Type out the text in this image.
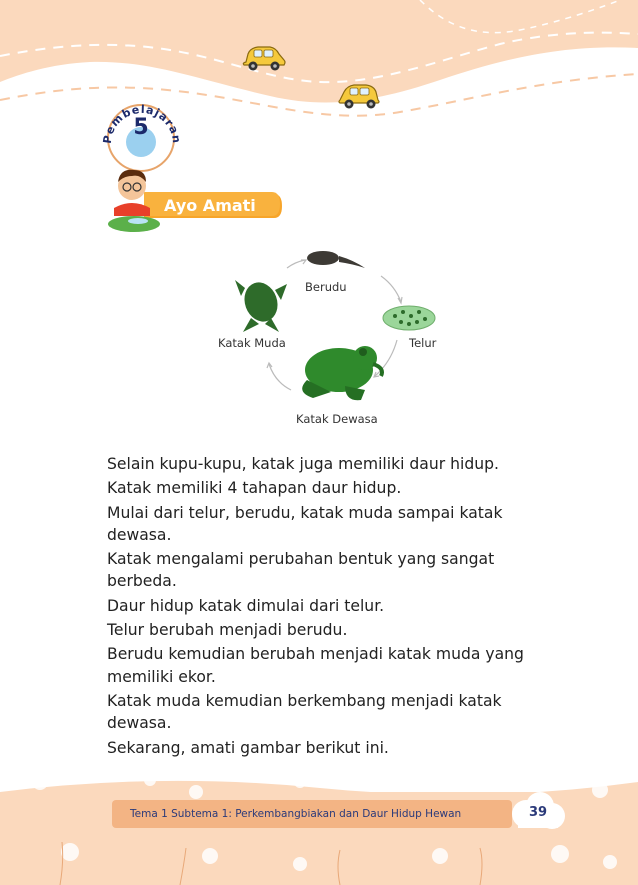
Pembelajaran
5
Ayo Amati
Berudu
Telur
Katak Dewasa
Katak Muda

Selain kupu-kupu, katak juga memiliki daur hidup.

Katak memiliki 4 tahapan daur hidup.

Mulai dari telur, berudu, katak muda sampai katak dewasa.

Katak mengalami perubahan bentuk yang sangat berbeda.

Daur hidup katak dimulai dari telur.

Telur berubah menjadi berudu.

Berudu kemudian berubah menjadi katak muda yang memiliki ekor.

Katak muda kemudian berkembang menjadi katak dewasa.

Sekarang, amati gambar berikut ini.

Tema 1 Subtema 1: Perkembangbiakan dan Daur Hidup Hewan	39
